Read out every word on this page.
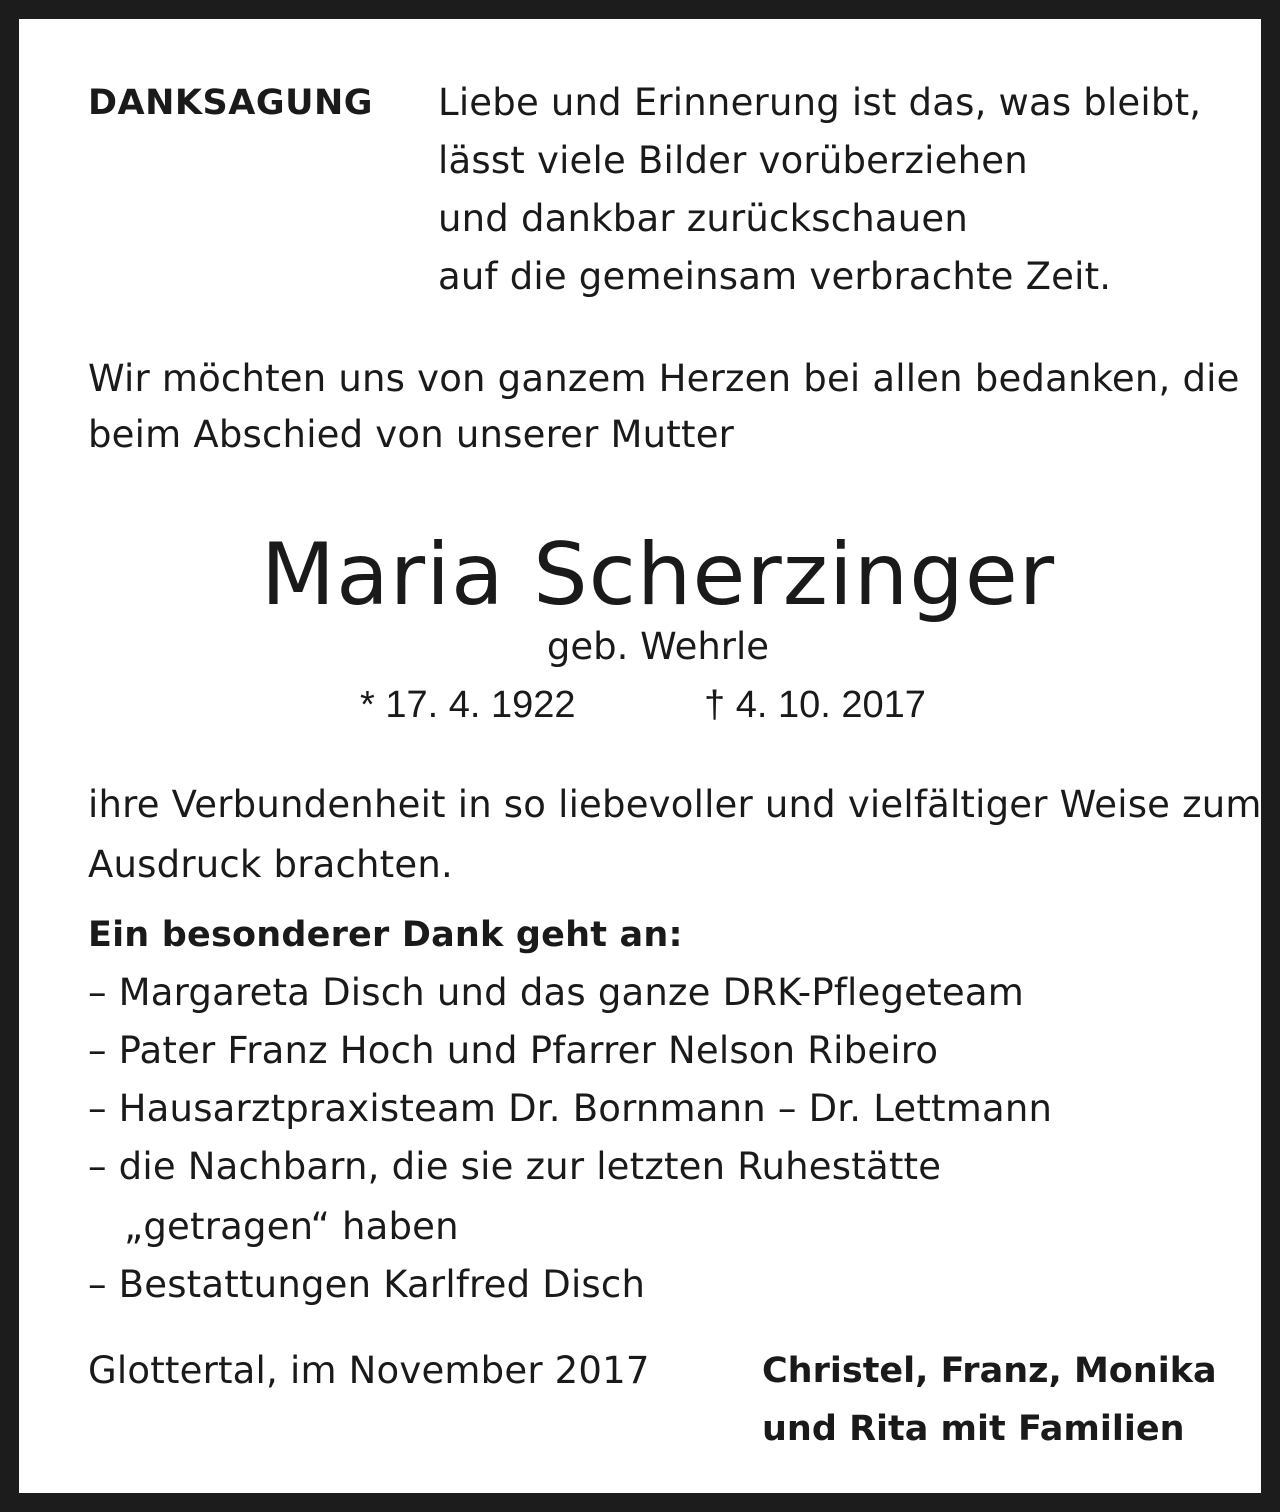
DANKSAGUNG Liebe und Erinnerung ist das, was bleibt,
lässt viele Bilder vorüberziehen
und dankbar zurückschauen
auf die gemeinsam verbrachte Zeit.
Wir möchten uns von ganzem Herzen bei allen bedanken, die
beim Abschied von unserer Mutter
Maria Scherzinger
geb. Wehrle
* 17. 4. 1922	† 4. 10. 2017
ihre Verbundenheit in so liebevoller und vielfältiger Weise zum
Ausdruck brachten.
Ein besonderer Dank geht an:
– Margareta Disch und das ganze DRK-Pflegeteam
– Pater Franz Hoch und Pfarrer Nelson Ribeiro
– Hausarztpraxisteam Dr. Bornmann – Dr. Lettmann
– die Nachbarn, die sie zur letzten Ruhestätte
„getragen“ haben
– Bestattungen Karlfred Disch
Glottertal, im November 2017	Christel, Franz, Monika
und Rita mit Familien
